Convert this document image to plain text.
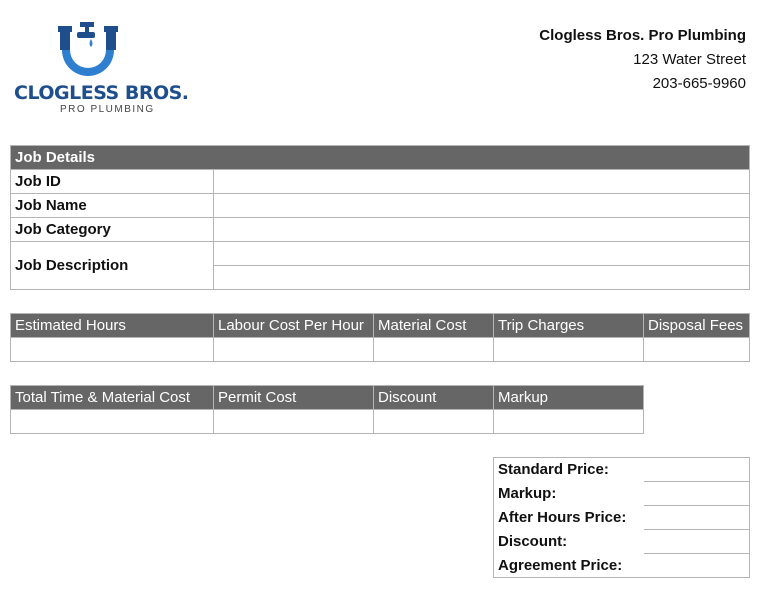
CLOGLESS BROS.
PRO PLUMBING
Clogless Bros. Pro Plumbing
123 Water Street
203-665-9960
Job Details	
Job ID	
Job Name	
Job Category	
Job Description	

Estimated Hours	Labour Cost Per Hour	Material Cost	Trip Charges	Disposal Fees

Total Time & Material Cost	Permit Cost	Discount	Markup

Standard Price:	
Markup:	
After Hours Price:	
Discount:	
Agreement Price:	
